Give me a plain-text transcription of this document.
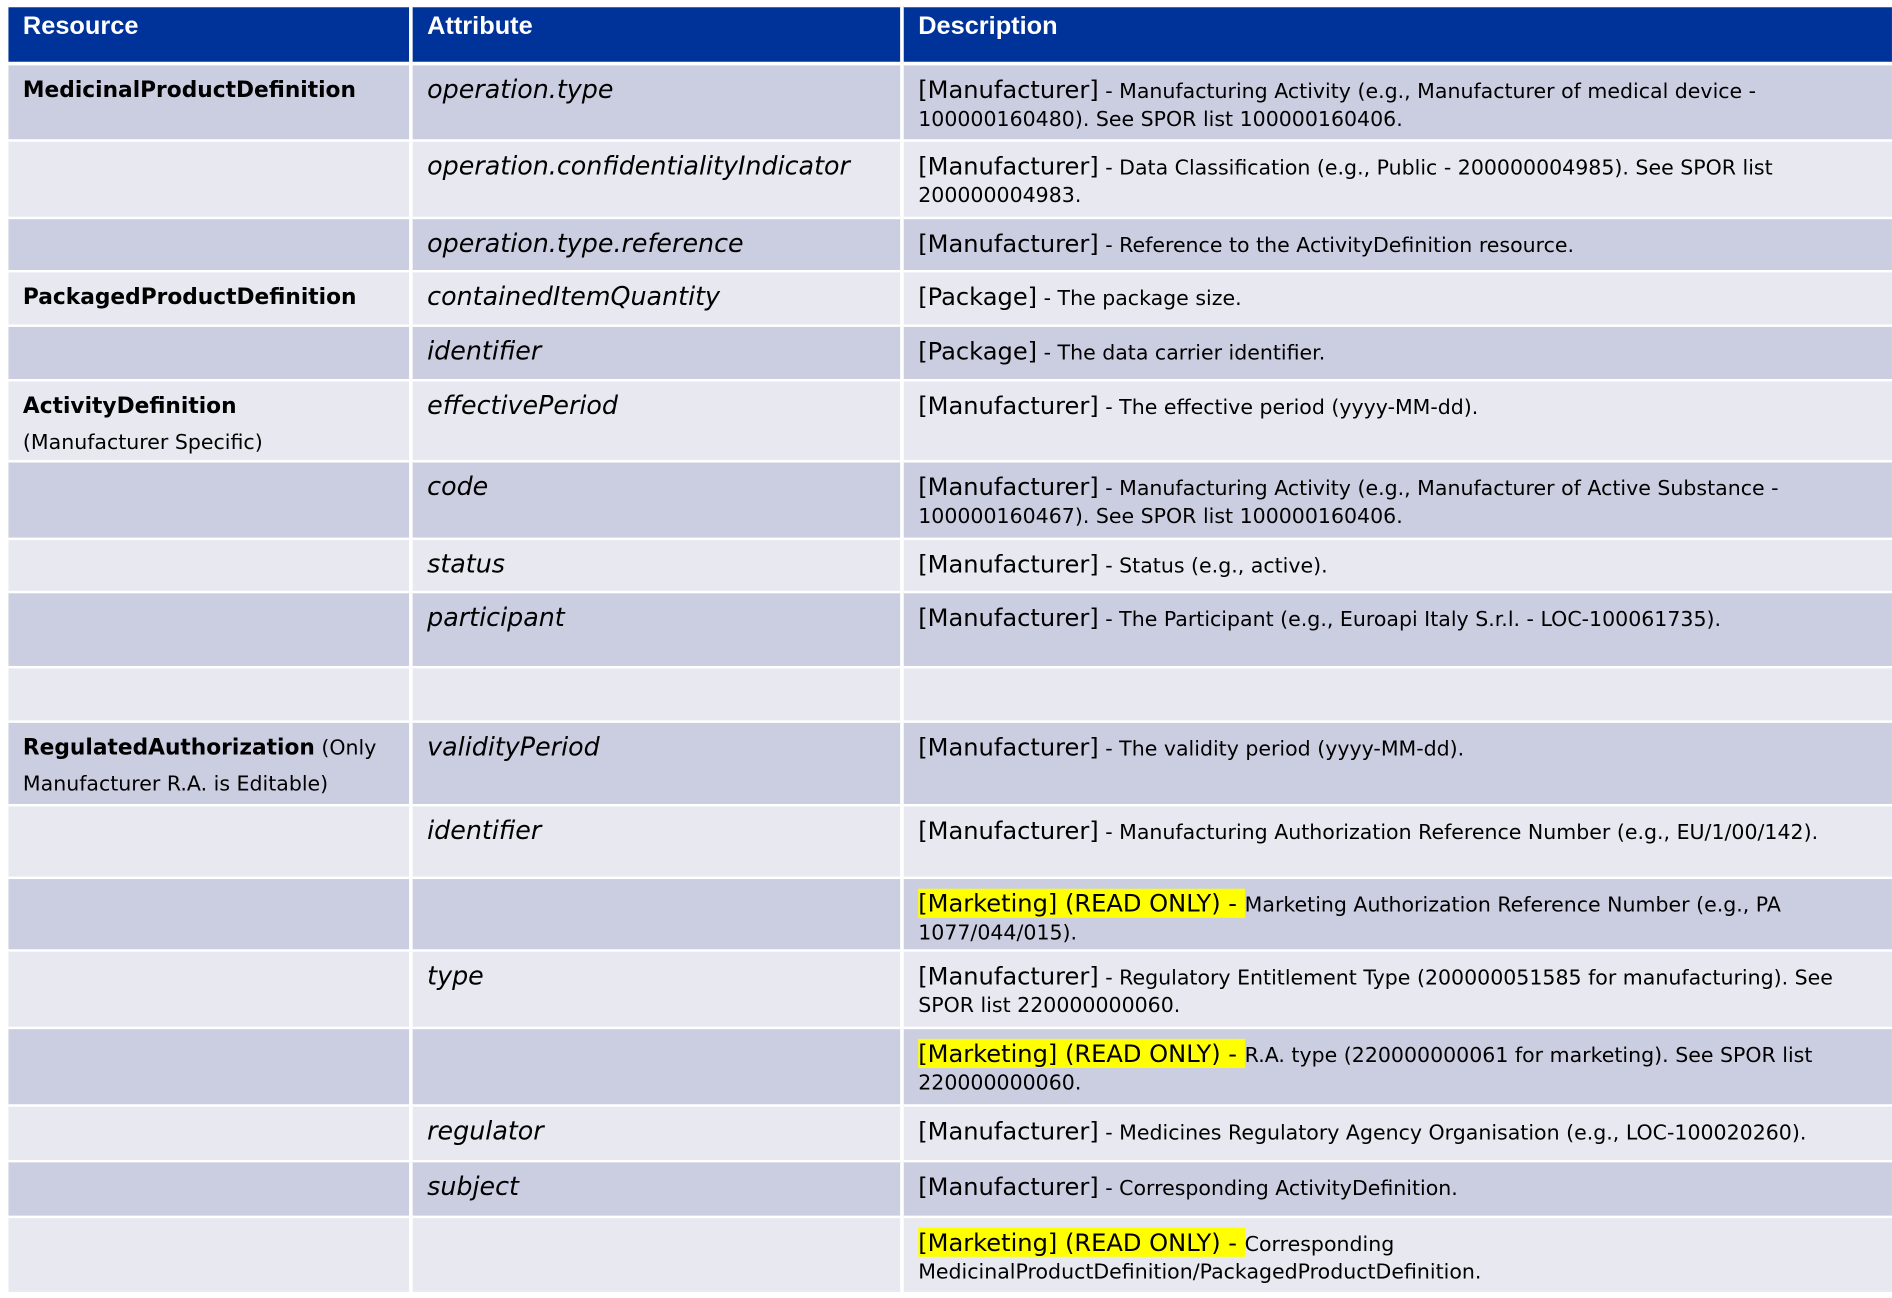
Resource	Attribute	Description
MedicinalProductDefinition	operation.type	[Manufacturer] - Manufacturing Activity (e.g., Manufacturer of medical device - 100000160480). See SPOR list 100000160406.
	operation.confidentialityIndicator	[Manufacturer] - Data Classification (e.g., Public - 200000004985). See SPOR list 200000004983.
	operation.type.reference	[Manufacturer] - Reference to the ActivityDefinition resource.
PackagedProductDefinition	containedItemQuantity	[Package] - The package size.
	identifier	[Package] - The data carrier identifier.
ActivityDefinition
(Manufacturer Specific)	effectivePeriod	[Manufacturer] - The effective period (yyyy-MM-dd).
	code	[Manufacturer] - Manufacturing Activity (e.g., Manufacturer of Active Substance - 100000160467). See SPOR list 100000160406.
	status	[Manufacturer] - Status (e.g., active).
	participant	[Manufacturer] - The Participant (e.g., Euroapi Italy S.r.l. - LOC-100061735).

RegulatedAuthorization (Only Manufacturer R.A. is Editable)	validityPeriod	[Manufacturer] - The validity period (yyyy-MM-dd).
	identifier	[Manufacturer] - Manufacturing Authorization Reference Number (e.g., EU/1/00/142).
		[Marketing] (READ ONLY) - Marketing Authorization Reference Number (e.g., PA 1077/044/015).
	type	[Manufacturer] - Regulatory Entitlement Type (200000051585 for manufacturing). See SPOR list 220000000060.
		[Marketing] (READ ONLY) - R.A. type (220000000061 for marketing). See SPOR list 220000000060.
	regulator	[Manufacturer] - Medicines Regulatory Agency Organisation (e.g., LOC-100020260).
	subject	[Manufacturer] - Corresponding ActivityDefinition.
		[Marketing] (READ ONLY) - Corresponding MedicinalProductDefinition/PackagedProductDefinition.
